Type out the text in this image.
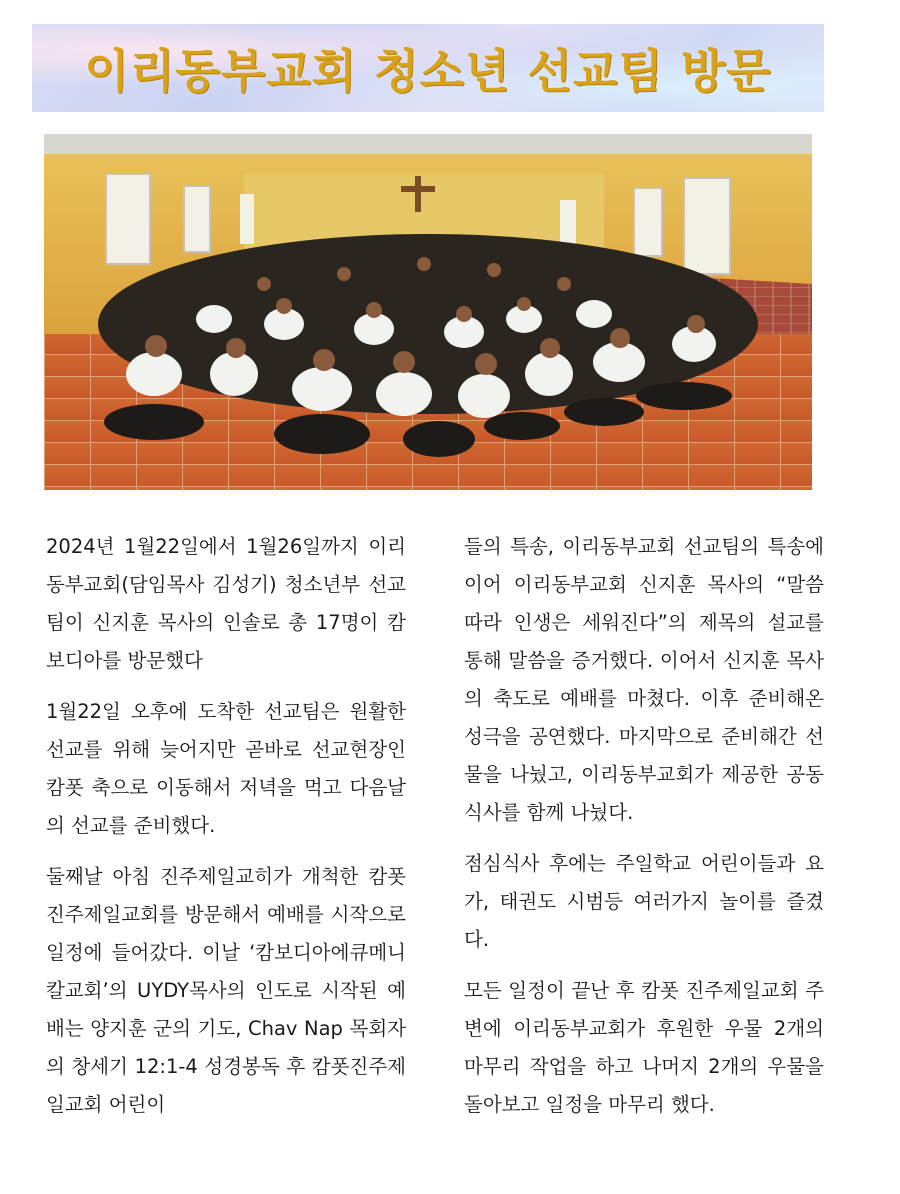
이리동부교회 청소년 선교팀 방문

2024년 1월22일에서 1월26일까지 이리동부교회(담임목사 김성기) 청소년부 선교팀이 신지훈 목사의 인솔로 총 17명이 캄보디아를 방문했다

1월22일 오후에 도착한 선교팀은 원활한 선교를 위해 늦어지만 곧바로 선교현장인 캄폿 축으로 이동해서 저녁을 먹고 다음날의 선교를 준비했다.

둘째날 아침 진주제일교히가 개척한 캄폿진주제일교회를 방문해서 예배를 시작으로 일정에 들어갔다. 이날 ‘캄보디아에큐메니칼교회’의 UYDY목사의 인도로 시작된 예배는 양지훈 군의 기도, Chav Nap 목회자의 창세기 12:1-4 성경봉독 후 캄폿진주제일교회 어린이

들의 특송, 이리동부교회 선교팀의 특송에 이어 이리동부교회 신지훈 목사의 “말씀 따라 인생은 세워진다”의 제목의 설교를 통해 말씀을 증거했다. 이어서 신지훈 목사의 축도로 예배를 마쳤다. 이후 준비해온 성극을 공연했다. 마지막으로 준비해간 선물을 나눴고, 이리동부교회가 제공한 공동식사를 함께 나눴다.

점심식사 후에는 주일학교 어린이들과 요가, 태권도 시범등 여러가지 놀이를 즐겼다.

모든 일정이 끝난 후 캄폿 진주제일교회 주변에 이리동부교회가 후원한 우물 2개의 마무리 작업을 하고 나머지 2개의 우물을 돌아보고 일정을 마무리 했다.
